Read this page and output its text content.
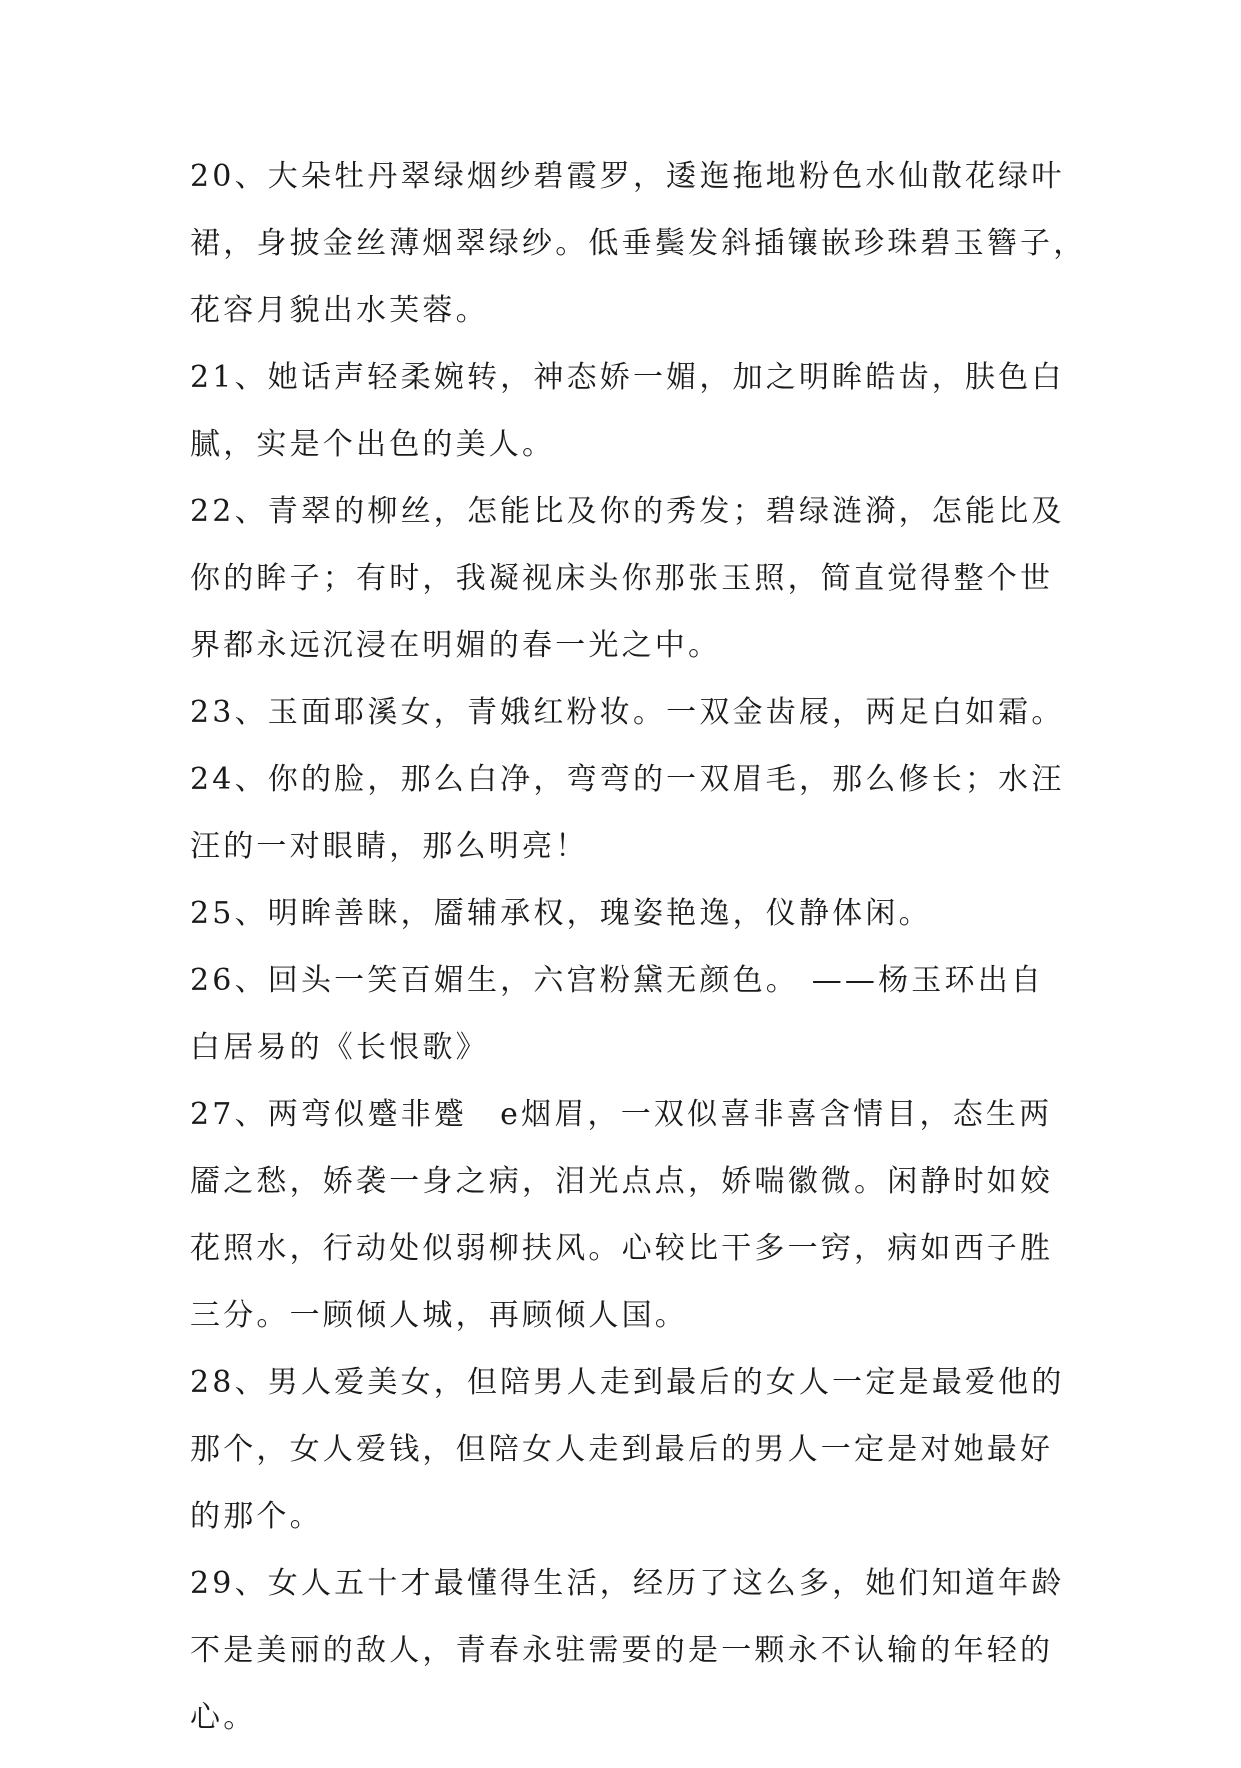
20、大朵牡丹翠绿烟纱碧霞罗，逶迤拖地粉色水仙散花绿叶
裙，身披金丝薄烟翠绿纱。低垂鬓发斜插镶嵌珍珠碧玉簪子，
花容月貌出水芙蓉。
21、她话声轻柔婉转，神态娇一媚，加之明眸皓齿，肤色白
腻，实是个出色的美人。
22、青翠的柳丝，怎能比及你的秀发；碧绿涟漪，怎能比及
你的眸子；有时，我凝视床头你那张玉照，简直觉得整个世
界都永远沉浸在明媚的春一光之中。
23、玉面耶溪女，青娥红粉妆。一双金齿屐，两足白如霜。
24、你的脸，那么白净，弯弯的一双眉毛，那么修长；水汪
汪的一对眼睛，那么明亮！
25、明眸善睐，靥辅承权，瑰姿艳逸，仪静体闲。
26、回头一笑百媚生，六宫粉黛无颜色。 ——杨玉环出自
白居易的《长恨歌》
27、两弯似蹙非蹙　e烟眉，一双似喜非喜含情目，态生两
靥之愁，娇袭一身之病，泪光点点，娇喘徽微。闲静时如姣
花照水，行动处似弱柳扶风。心较比干多一窍，病如西子胜
三分。一顾倾人城，再顾倾人国。
28、男人爱美女，但陪男人走到最后的女人一定是最爱他的
那个，女人爱钱，但陪女人走到最后的男人一定是对她最好
的那个。
29、女人五十才最懂得生活，经历了这么多，她们知道年龄
不是美丽的敌人，青春永驻需要的是一颗永不认输的年轻的
心。
